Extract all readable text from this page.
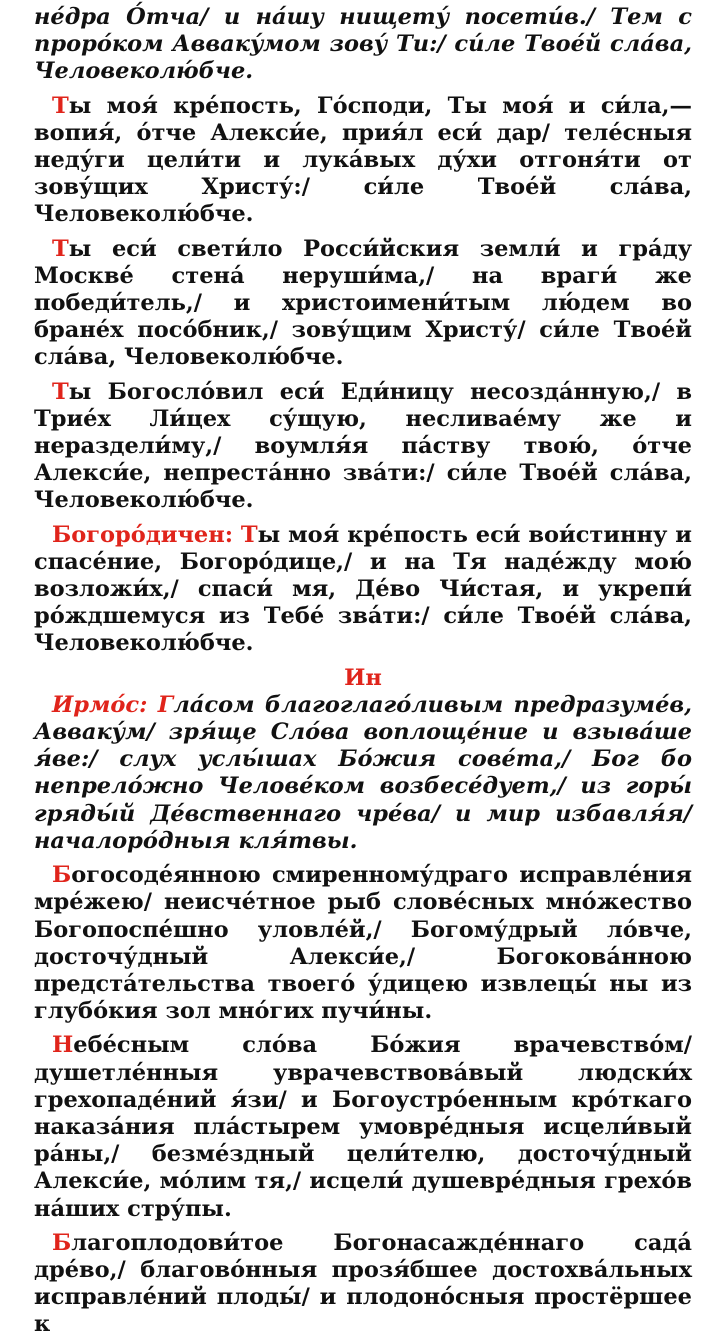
не́дра О́тча/ и на́шу нищету́ посети́в./ Тем с проро́ком Аввакýмом зову́ Ти:/ си́ле Твое́й сла́ва, Человеколю́бче.

Ты моя́ кре́пость, Го́споди, Ты моя́ и си́ла,— вопия́, о́тче Алекси́е, прия́л еси́ дар/ теле́сныя неду́ги цели́ти и лука́вых ду́хи отгоня́ти от зову́щих Христу́:/ си́ле Твое́й сла́ва, Человеколю́бче.

Ты еси́ свети́ло Росси́йския земли́ и гра́ду Москве́ стена́ неруши́ма,/ на враги́ же победи́тель,/ и христоимени́тым лю́дем во бране́х посо́бник,/ зову́щим Христу́/ си́ле Твое́й сла́ва, Человеколю́бче.

Ты Богосло́вил еси́ Еди́ницу несозда́нную,/ в Трие́х Ли́цех су́щую, несливае́му же и нераздели́му,/ воумля́я па́ству твою́, о́тче Алекси́е, непреста́нно зва́ти:/ си́ле Твое́й сла́ва, Человеколю́бче.

Богоро́дичен: Ты моя́ кре́пость еси́ вои́стинну и спасе́ние, Богоро́дице,/ и на Тя наде́жду мою́ возложи́х,/ спаси́ мя, Де́во Чи́стая, и укрепи́ ро́ждшемуся из Тебе́ зва́ти:/ си́ле Твое́й сла́ва, Человеколю́бче.

Ин

Ирмо́с: Гла́сом благоглаго́ливым предразуме́в, Авваку́м/ зря́ще Сло́ва воплоще́ние и взыва́ше я́ве:/ слух услы́шах Бо́жия сове́та,/ Бог бо непрело́жно Челове́ком возбесе́дует,/ из горы́ гряды́й Де́вственнаго чре́ва/ и мир избавля́я/ началоро́дныя кля́твы.

Богосоде́янною смиренному́драго исправле́ния мре́жею/ неисче́тное рыб слове́сных мно́жество Богопоспе́шно уловле́й,/ Богому́дрый ло́вче, досточу́дный Алекси́е,/ Богокова́нною предста́тельства твоего́ у́дицею извлецы́ ны из глубо́кия зол мно́гих пучи́ны.

Небе́сным сло́ва Бо́жия врачевство́м/ душетле́нныя уврачевствова́вый людски́х грехопаде́ний я́зи/ и Богоустро́енным кро́ткаго наказа́ния пла́стырем умовре́дныя исцели́вый ра́ны,/ безме́здный цели́телю, досточу́дный Алекси́е, мо́лим тя,/ исцели́ душевре́дныя грехо́в на́ших стру́пы.

Благоплодови́тое Богонасажде́ннаго сада́ дре́во,/ благово́нныя прозя́бшее достохва́льных исправле́ний плоды́/ и плодоно́сныя простёршее к
